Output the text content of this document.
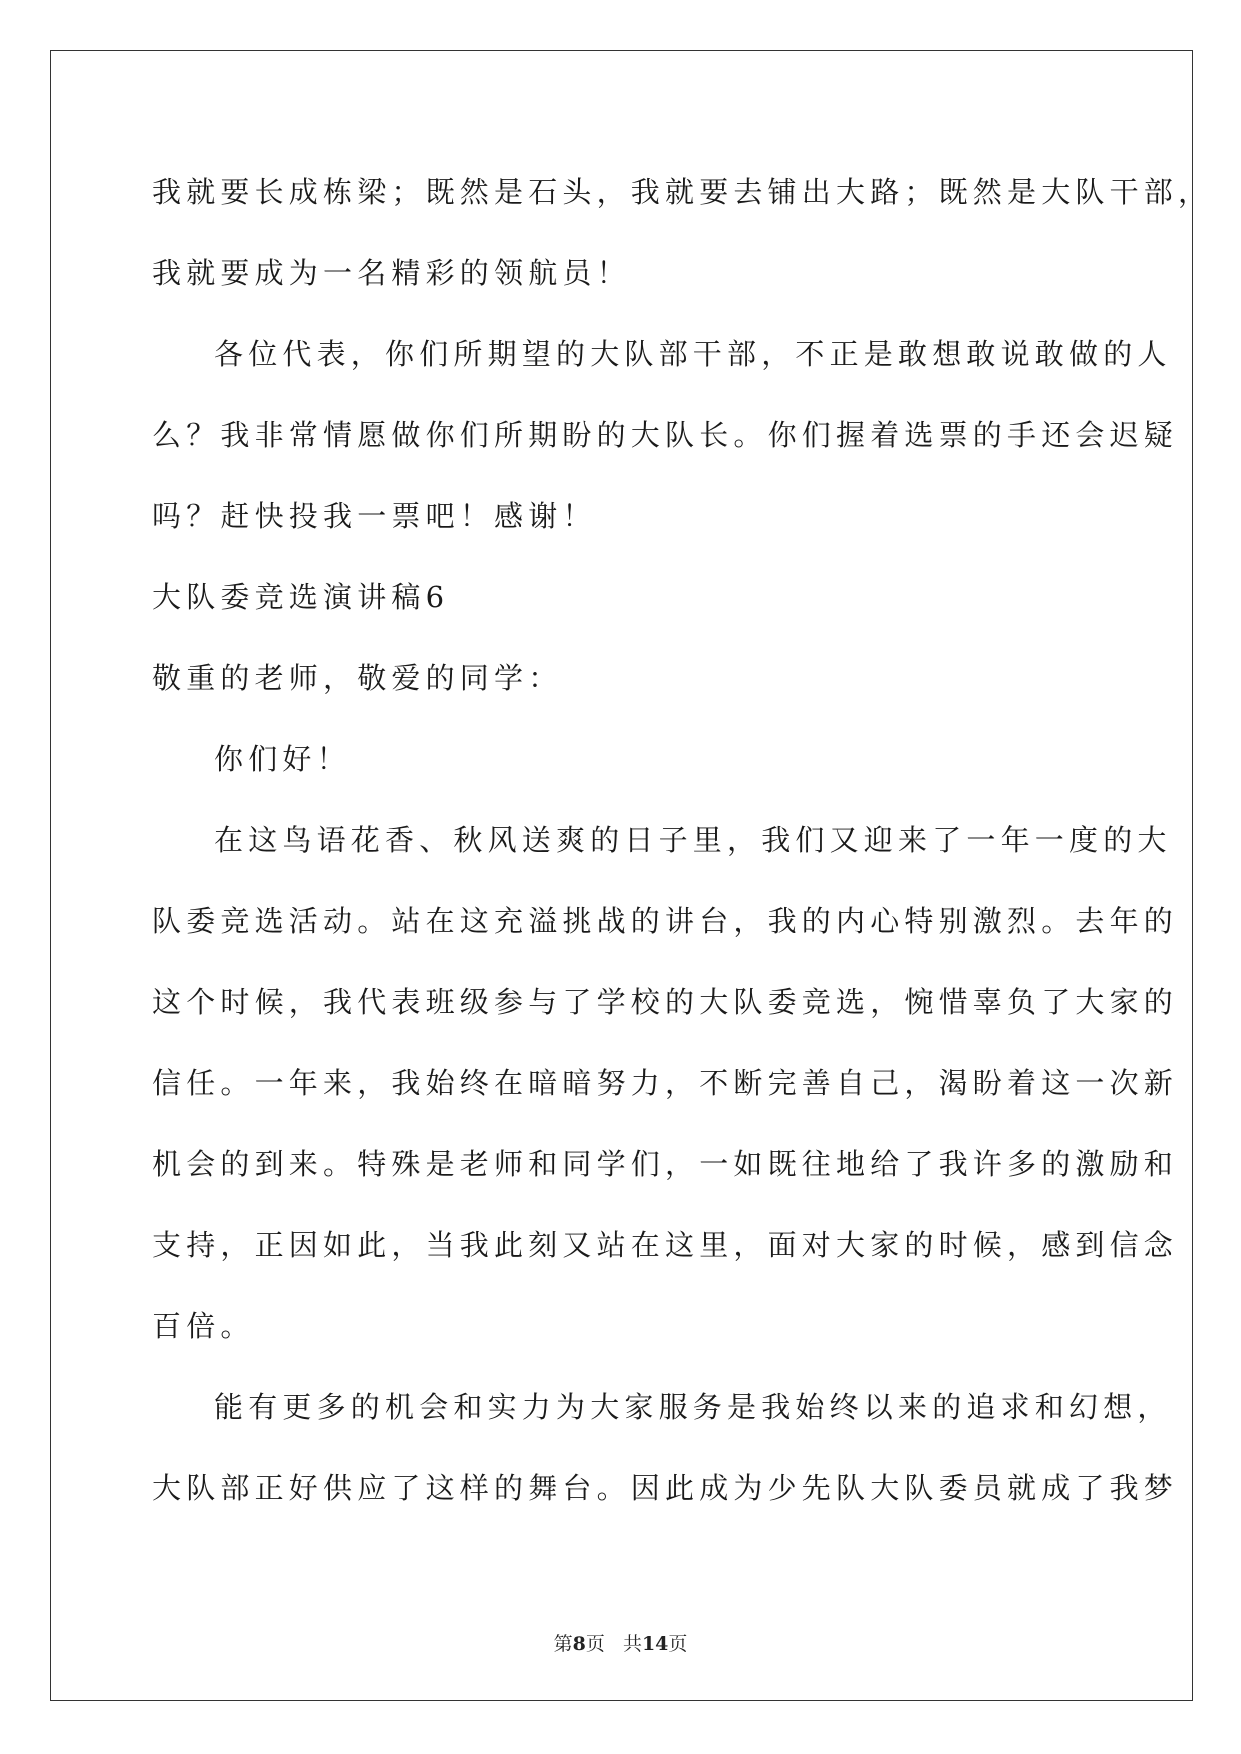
我就要长成栋梁；既然是石头，我就要去铺出大路；既然是大队干部，
我就要成为一名精彩的领航员！
各位代表，你们所期望的大队部干部，不正是敢想敢说敢做的人
么？我非常情愿做你们所期盼的大队长。你们握着选票的手还会迟疑
吗？赶快投我一票吧！感谢！
大队委竞选演讲稿6
敬重的老师，敬爱的同学：
你们好！
在这鸟语花香、秋风送爽的日子里，我们又迎来了一年一度的大
队委竞选活动。站在这充溢挑战的讲台，我的内心特别激烈。去年的
这个时候，我代表班级参与了学校的大队委竞选，惋惜辜负了大家的
信任。一年来，我始终在暗暗努力，不断完善自己，渴盼着这一次新
机会的到来。特殊是老师和同学们，一如既往地给了我许多的激励和
支持，正因如此，当我此刻又站在这里，面对大家的时候，感到信念
百倍。
能有更多的机会和实力为大家服务是我始终以来的追求和幻想，
大队部正好供应了这样的舞台。因此成为少先队大队委员就成了我梦
第8页   共14页
